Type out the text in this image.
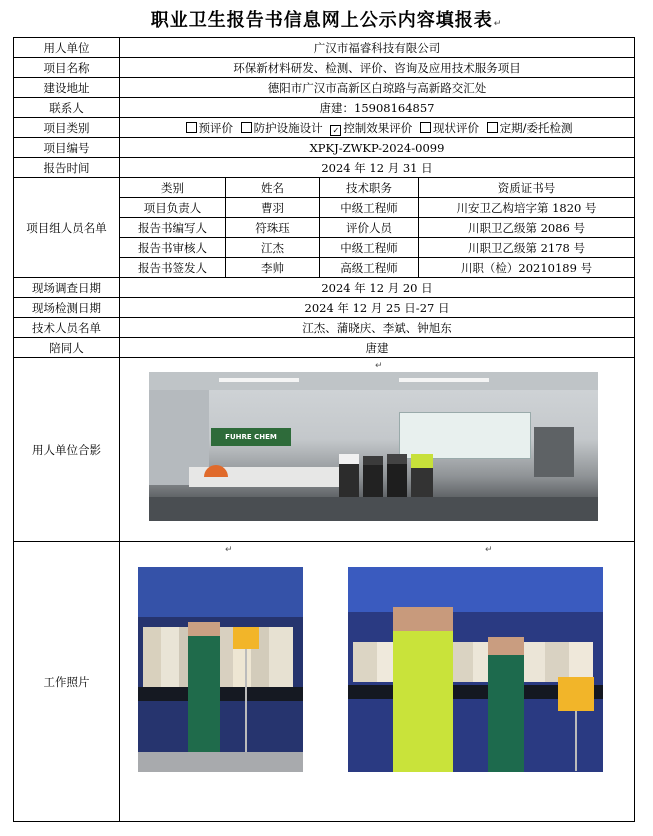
职业卫生报告书信息网上公示内容填报表↵
用人单位	广汉市福睿科技有限公司			
项目名称	环保新材料研发、检测、评价、咨询及应用技术服务项目			
建设地址	德阳市广汉市高新区白琼路与高新路交汇处			
联系人	唐建：15908164857			
项目类别	预评价 防护设施设计 ✓ 控制效果评价 现状评价 定期/委托检测			
项目编号	XPKJ-ZWKP-2024-0099			
报告时间	2024 年 12 月 31 日			
项目组人员名单	类别	姓名	技术职务	资质证书号
	项目负责人	曹羽	中级工程师	川安卫乙构培字第 1820 号
	报告书编写人	符珠珏	评价人员	川职卫乙级第 2086 号
	报告书审核人	江杰	中级工程师	川职卫乙级第 2178 号
	报告书签发人	李帅	高级工程师	川职（检）20210189 号
现场调查日期	2024 年 12 月 20 日			
现场检测日期	2024 年 12 月 25 日-27 日			
技术人员名单	江杰、蒲晓庆、李斌、钟旭东			
陪同人	唐建			
用人单位合影	FUHRE CHEM
↵			

工作照片	↵ ↵			
